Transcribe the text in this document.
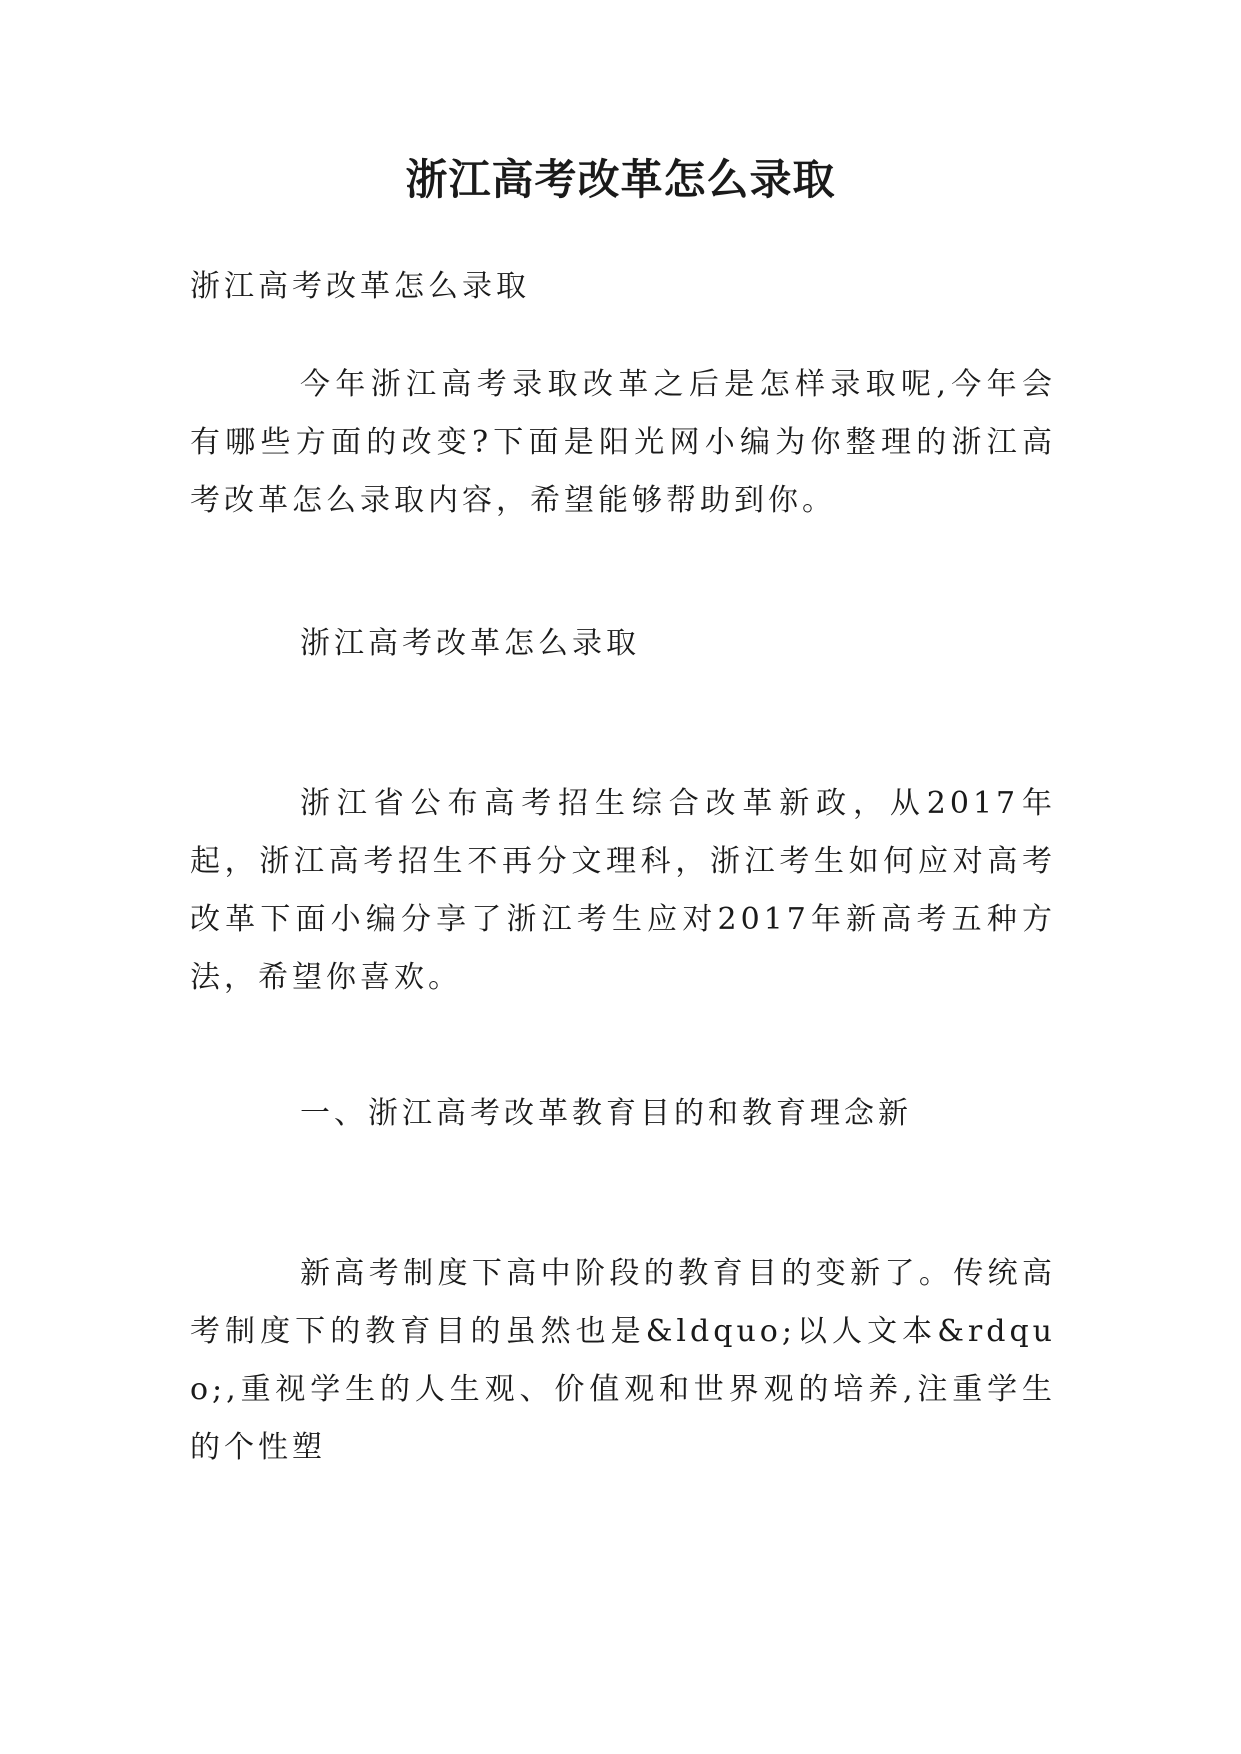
浙江高考改革怎么录取

浙江高考改革怎么录取

今年浙江高考录取改革之后是怎样录取呢,今年会有哪些方面的改变?下面是阳光网小编为你整理的浙江高考改革怎么录取内容，希望能够帮助到你。

浙江高考改革怎么录取

浙江省公布高考招生综合改革新政，从2017年起，浙江高考招生不再分文理科，浙江考生如何应对高考改革下面小编分享了浙江考生应对2017年新高考五种方法，希望你喜欢。

一、浙江高考改革教育目的和教育理念新

新高考制度下高中阶段的教育目的变新了。传统高考制度下的教育目的虽然也是&ldquo;以人文本&rdquo;,重视学生的人生观、价值观和世界观的培养,注重学生的个性塑
